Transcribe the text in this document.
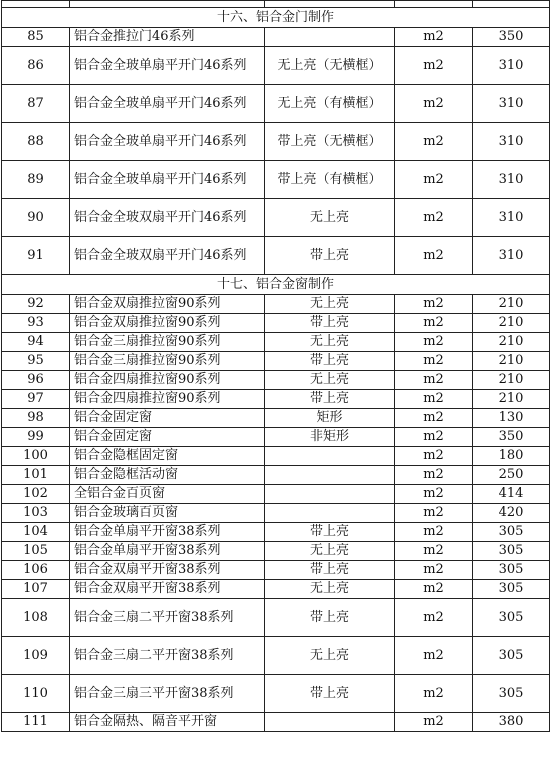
十六、铝合金门制作				
85	铝合金推拉门46系列		m2	350
86	铝合金全玻单扇平开门46系列	无上亮（无横框）	m2	310
87	铝合金全玻单扇平开门46系列	无上亮（有横框）	m2	310
88	铝合金全玻单扇平开门46系列	带上亮（无横框）	m2	310
89	铝合金全玻单扇平开门46系列	带上亮（有横框）	m2	310
90	铝合金全玻双扇平开门46系列	无上亮	m2	310
91	铝合金全玻双扇平开门46系列	带上亮	m2	310
十七、铝合金窗制作				
92	铝合金双扇推拉窗90系列	无上亮	m2	210
93	铝合金双扇推拉窗90系列	带上亮	m2	210
94	铝合金三扇推拉窗90系列	无上亮	m2	210
95	铝合金三扇推拉窗90系列	带上亮	m2	210
96	铝合金四扇推拉窗90系列	无上亮	m2	210
97	铝合金四扇推拉窗90系列	带上亮	m2	210
98	铝合金固定窗	矩形	m2	130
99	铝合金固定窗	非矩形	m2	350
100	铝合金隐框固定窗		m2	180
101	铝合金隐框活动窗		m2	250
102	全铝合金百页窗		m2	414
103	铝合金玻璃百页窗		m2	420
104	铝合金单扇平开窗38系列	带上亮	m2	305
105	铝合金单扇平开窗38系列	无上亮	m2	305
106	铝合金双扇平开窗38系列	带上亮	m2	305
107	铝合金双扇平开窗38系列	无上亮	m2	305
108	铝合金三扇二平开窗38系列	带上亮	m2	305
109	铝合金三扇二平开窗38系列	无上亮	m2	305
110	铝合金三扇三平开窗38系列	带上亮	m2	305
111	铝合金隔热、隔音平开窗		m2	380
